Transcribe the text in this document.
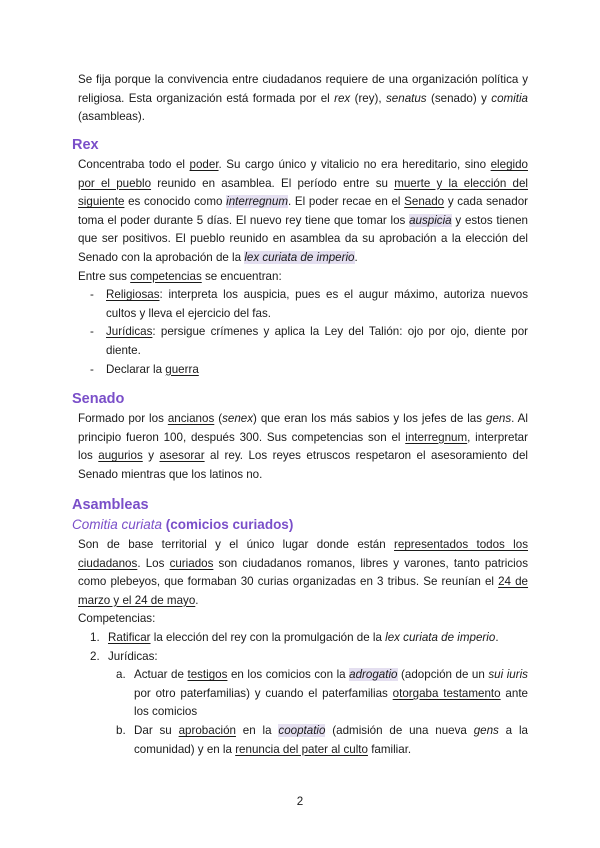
Se fija porque la convivencia entre ciudadanos requiere de una organización política y religiosa. Esta organización está formada por el rex (rey), senatus (senado) y comitia (asambleas).

Rex

Concentraba todo el poder. Su cargo único y vitalicio no era hereditario, sino elegido por el pueblo reunido en asamblea. El período entre su muerte y la elección del siguiente es conocido como interregnum. El poder recae en el Senado y cada senador toma el poder durante 5 días. El nuevo rey tiene que tomar los auspicia y estos tienen que ser positivos. El pueblo reunido en asamblea da su aprobación a la elección del Senado con la aprobación de la lex curiata de imperio.

Entre sus competencias se encuentran:

- Religiosas: interpreta los auspicia, pues es el augur máximo, autoriza nuevos cultos y lleva el ejercicio del fas.

- Jurídicas: persigue crímenes y aplica la Ley del Talión: ojo por ojo, diente por diente.

- Declarar la guerra

Senado

Formado por los ancianos (senex) que eran los más sabios y los jefes de las gens. Al principio fueron 100, después 300. Sus competencias son el interregnum, interpretar los augurios y asesorar al rey. Los reyes etruscos respetaron el asesoramiento del Senado mientras que los latinos no.

Asambleas
Comitia curiata (comicios curiados)

Son de base territorial y el único lugar donde están representados todos los ciudadanos. Los curiados son ciudadanos romanos, libres y varones, tanto patricios como plebeyos, que formaban 30 curias organizadas en 3 tribus. Se reunían el 24 de marzo y el 24 de mayo.

Competencias:

1. Ratificar la elección del rey con la promulgación de la lex curiata de imperio.

2. Jurídicas:

a. Actuar de testigos en los comicios con la adrogatio (adopción de un sui iuris por otro paterfamilias) y cuando el paterfamilias otorgaba testamento ante los comicios

b. Dar su aprobación en la cooptatio (admisión de una nueva gens a la comunidad) y en la renuncia del pater al culto familiar.

2
